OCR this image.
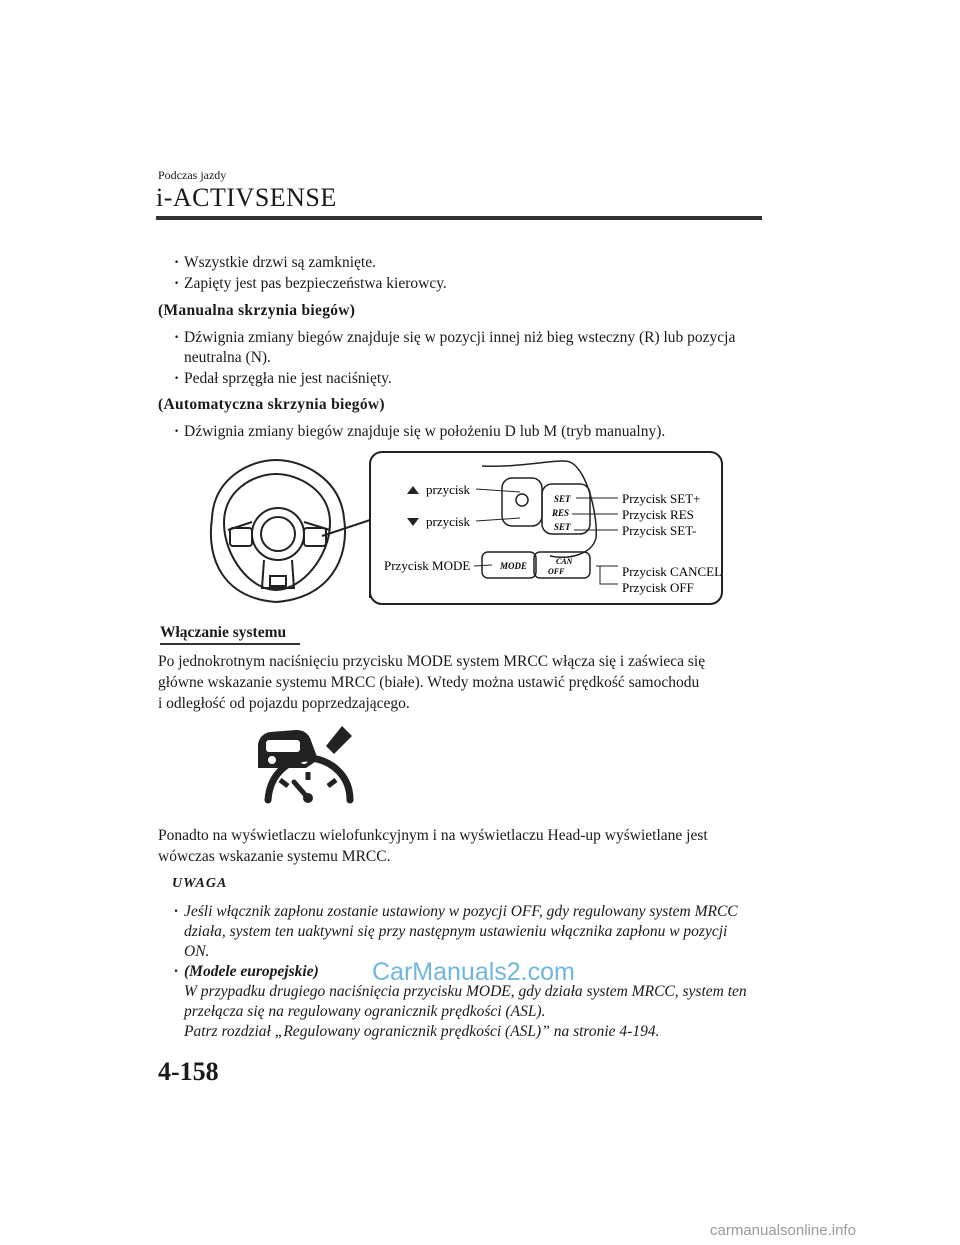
Podczas jazdy
i-ACTIVSENSE
· Wszystkie drzwi są zamknięte.
· Zapięty jest pas bezpieczeństwa kierowcy.
(Manualna skrzynia biegów)
· Dźwignia zmiany biegów znajduje się w pozycji innej niż bieg wsteczny (R) lub pozycja
neutralna (N).
· Pedał sprzęgła nie jest naciśnięty.
(Automatyczna skrzynia biegów)
· Dźwignia zmiany biegów znajduje się w położeniu D lub M (tryb manualny).
przycisk
przycisk
Przycisk MODE	MODE	CAN
OFF
SET
RES
SET
Przycisk SET+
Przycisk RES
Przycisk SET-
Przycisk CANCEL
Przycisk OFF
Włączanie systemu
Po jednokrotnym naciśnięciu przycisku MODE system MRCC włącza się i zaświeca się
główne wskazanie systemu MRCC (białe). Wtedy można ustawić prędkość samochodu
i odległość od pojazdu poprzedzającego.
Ponadto na wyświetlaczu wielofunkcyjnym i na wyświetlaczu Head-up wyświetlane jest
wówczas wskazanie systemu MRCC.
UWAGA
· Jeśli włącznik zapłonu zostanie ustawiony w pozycji OFF, gdy regulowany system MRCC
działa, system ten uaktywni się przy następnym ustawieniu włącznika zapłonu w pozycji
ON.
· (Modele europejskie)
W przypadku drugiego naciśnięcia przycisku MODE, gdy działa system MRCC, system ten
przełącza się na regulowany ogranicznik prędkości (ASL).
Patrz rozdział „Regulowany ogranicznik prędkości (ASL)” na stronie 4-194.
CarManuals2.com
4-158
carmanualsonline.info
